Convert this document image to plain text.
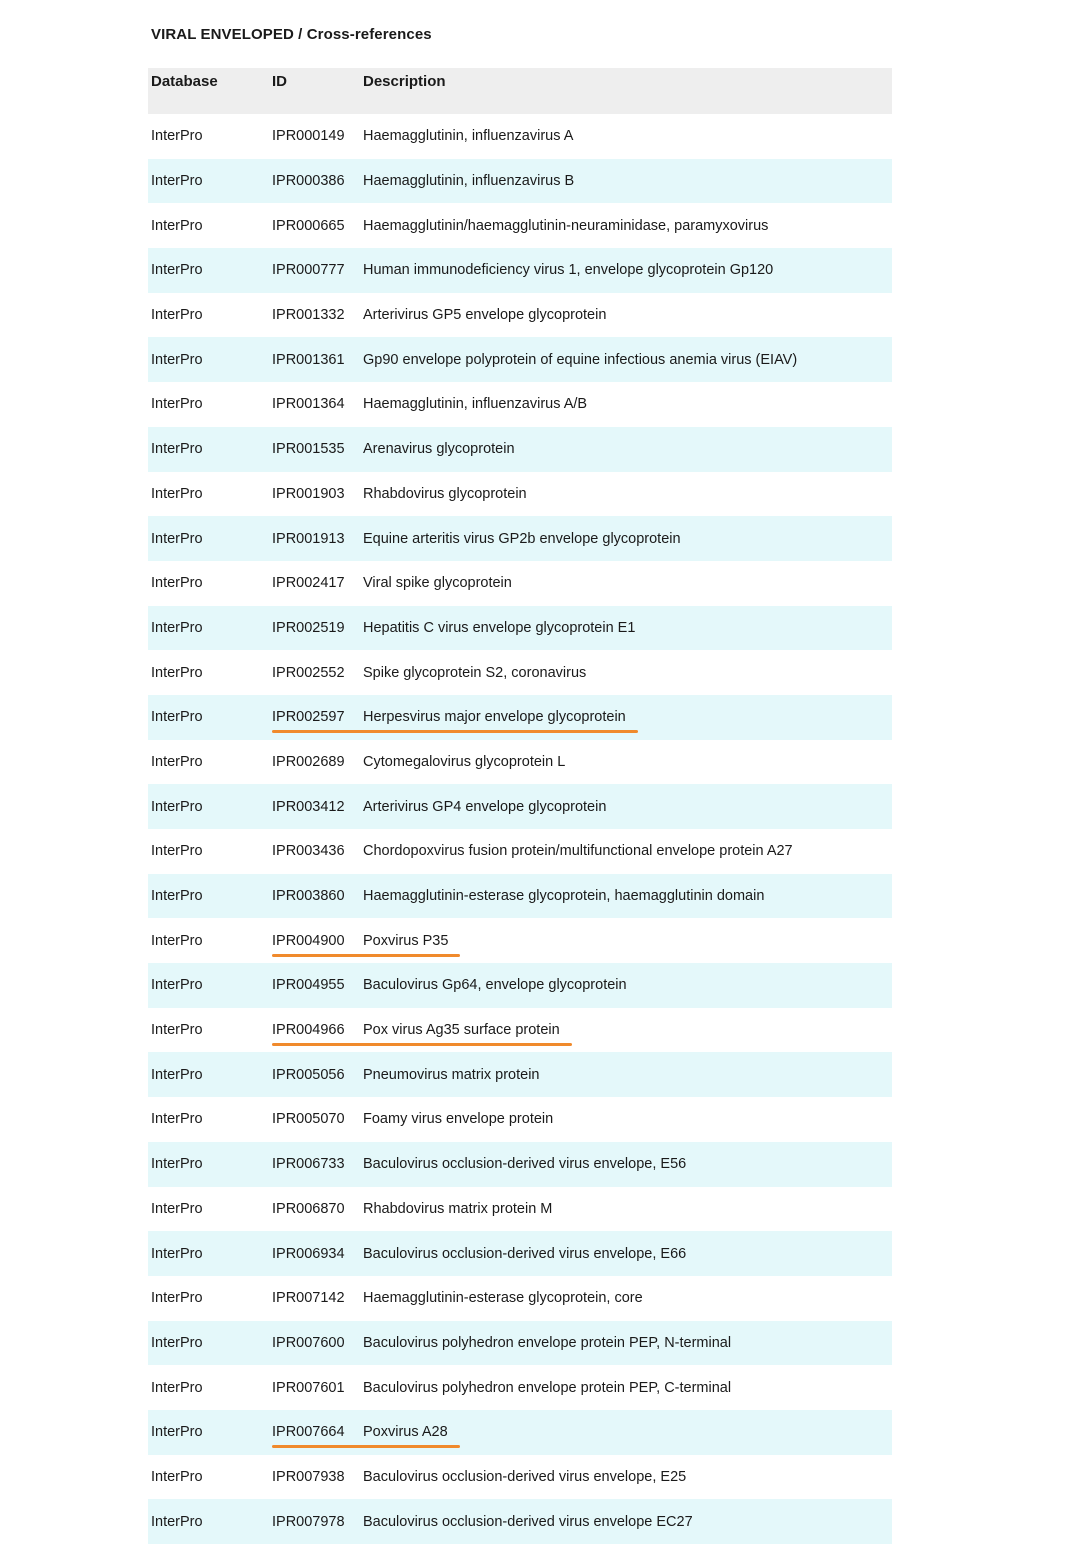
VIRAL ENVELOPED / Cross-references
Database	ID	Description
InterPro	IPR000149	Haemagglutinin, influenzavirus A
InterPro	IPR000386	Haemagglutinin, influenzavirus B
InterPro	IPR000665	Haemagglutinin/haemagglutinin-neuraminidase, paramyxovirus
InterPro	IPR000777	Human immunodeficiency virus 1, envelope glycoprotein Gp120
InterPro	IPR001332	Arterivirus GP5 envelope glycoprotein
InterPro	IPR001361	Gp90 envelope polyprotein of equine infectious anemia virus (EIAV)
InterPro	IPR001364	Haemagglutinin, influenzavirus A/B
InterPro	IPR001535	Arenavirus glycoprotein
InterPro	IPR001903	Rhabdovirus glycoprotein
InterPro	IPR001913	Equine arteritis virus GP2b envelope glycoprotein
InterPro	IPR002417	Viral spike glycoprotein
InterPro	IPR002519	Hepatitis C virus envelope glycoprotein E1
InterPro	IPR002552	Spike glycoprotein S2, coronavirus
InterPro	IPR002597 Herpesvirus major envelope glycoprotein	

InterPro	IPR002689	Cytomegalovirus glycoprotein L
InterPro	IPR003412	Arterivirus GP4 envelope glycoprotein
InterPro	IPR003436	Chordopoxvirus fusion protein/multifunctional envelope protein A27
InterPro	IPR003860	Haemagglutinin-esterase glycoprotein, haemagglutinin domain
InterPro	IPR004900 Poxvirus P35	

InterPro	IPR004955	Baculovirus Gp64, envelope glycoprotein
InterPro	IPR004966 Pox virus Ag35 surface protein	

InterPro	IPR005056	Pneumovirus matrix protein
InterPro	IPR005070	Foamy virus envelope protein
InterPro	IPR006733	Baculovirus occlusion-derived virus envelope, E56
InterPro	IPR006870	Rhabdovirus matrix protein M
InterPro	IPR006934	Baculovirus occlusion-derived virus envelope, E66
InterPro	IPR007142	Haemagglutinin-esterase glycoprotein, core
InterPro	IPR007600	Baculovirus polyhedron envelope protein PEP, N-terminal
InterPro	IPR007601	Baculovirus polyhedron envelope protein PEP, C-terminal
InterPro	IPR007664 Poxvirus A28	

InterPro	IPR007938	Baculovirus occlusion-derived virus envelope, E25
InterPro	IPR007978	Baculovirus occlusion-derived virus envelope EC27
